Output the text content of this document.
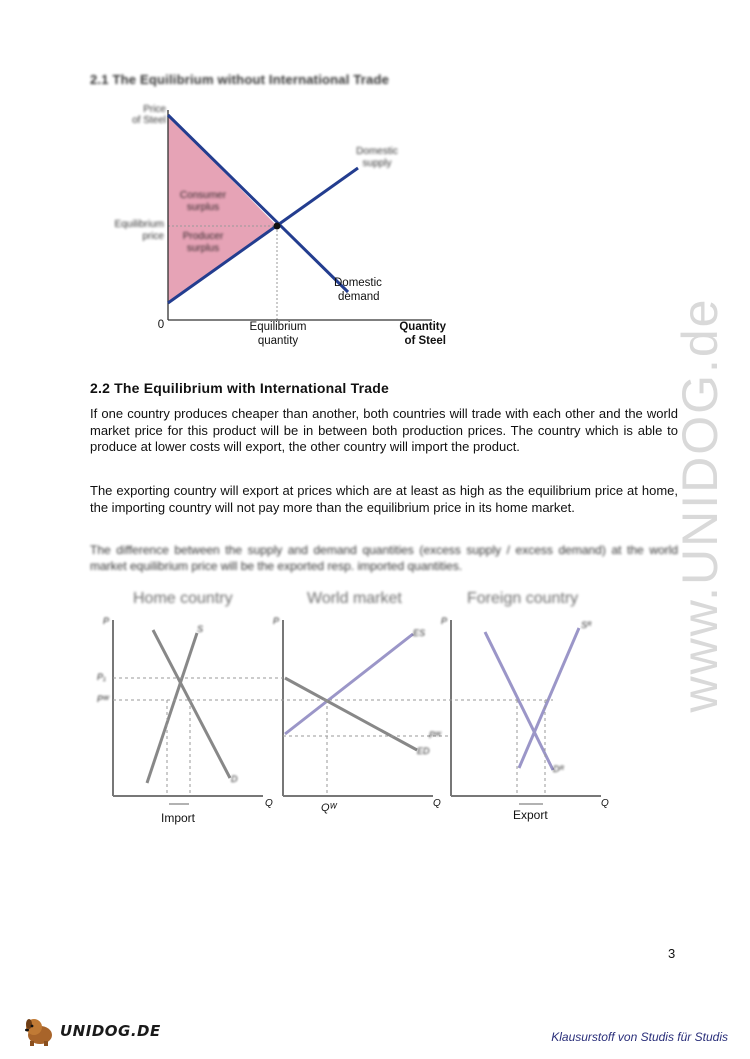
www.UNIDOG.de
2.1 The Equilibrium without International Trade
Price
of Steel
Equilibrium
price
Consumer
surplus
Producer
surplus
Domestic
supply
Domestic
demand
0	Equilibrium
quantity
Quantity
of Steel
2.2 The Equilibrium with International Trade
If one country produces cheaper than another, both countries will trade with each other and the world market price for this product will be in between both production prices. The country which is able to produce at lower costs will export, the other country will import the product.
The exporting country will export at prices which are at least as high as the equilibrium price at home, the importing country will not pay more than the equilibrium price in its home market.
The difference between the supply and demand quantities (excess supply / excess demand) at the world market equilibrium price will be the exported resp. imported quantities.
Home country	World market	Foreign country
P
S
D
P₁
Pᵂ
Q
Import
P
ES
ED
Q
Qᵂ
P	Sᴿ
Dᴿ
Pᵂ
Q
Export
3
UNIDOG.DE	Klausurstoff von Studis für Studis
